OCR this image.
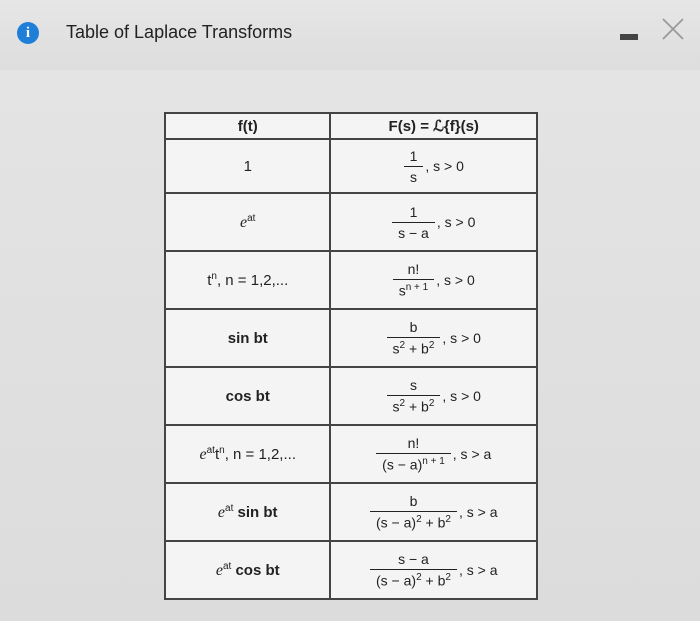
i	Table of Laplace Transforms
f(t)	F(s) = ℒ{f}(s)
1	$\frac{1}{s}$ , s > 0
$e^{at}$	$\frac{1}{s - a}$ , s > 0
$t^n$, n = 1,2,...	$\frac{n!}{s^{n + 1}}$ , s > 0
sin bt	$\frac{b}{s^2 + b^2}$ , s > 0
cos bt	$\frac{s}{s^2 + b^2}$ , s > 0
$e^{at}t^n$, n = 1,2,...	$\frac{n!}{(s - a)^{n + 1}}$ , s > a
$e^{at}$ sin bt	$\frac{b}{(s - a)^2 + b^2}$ , s > a
$e^{at}$ cos bt	$\frac{s - a}{(s - a)^2 + b^2}$ , s > a
